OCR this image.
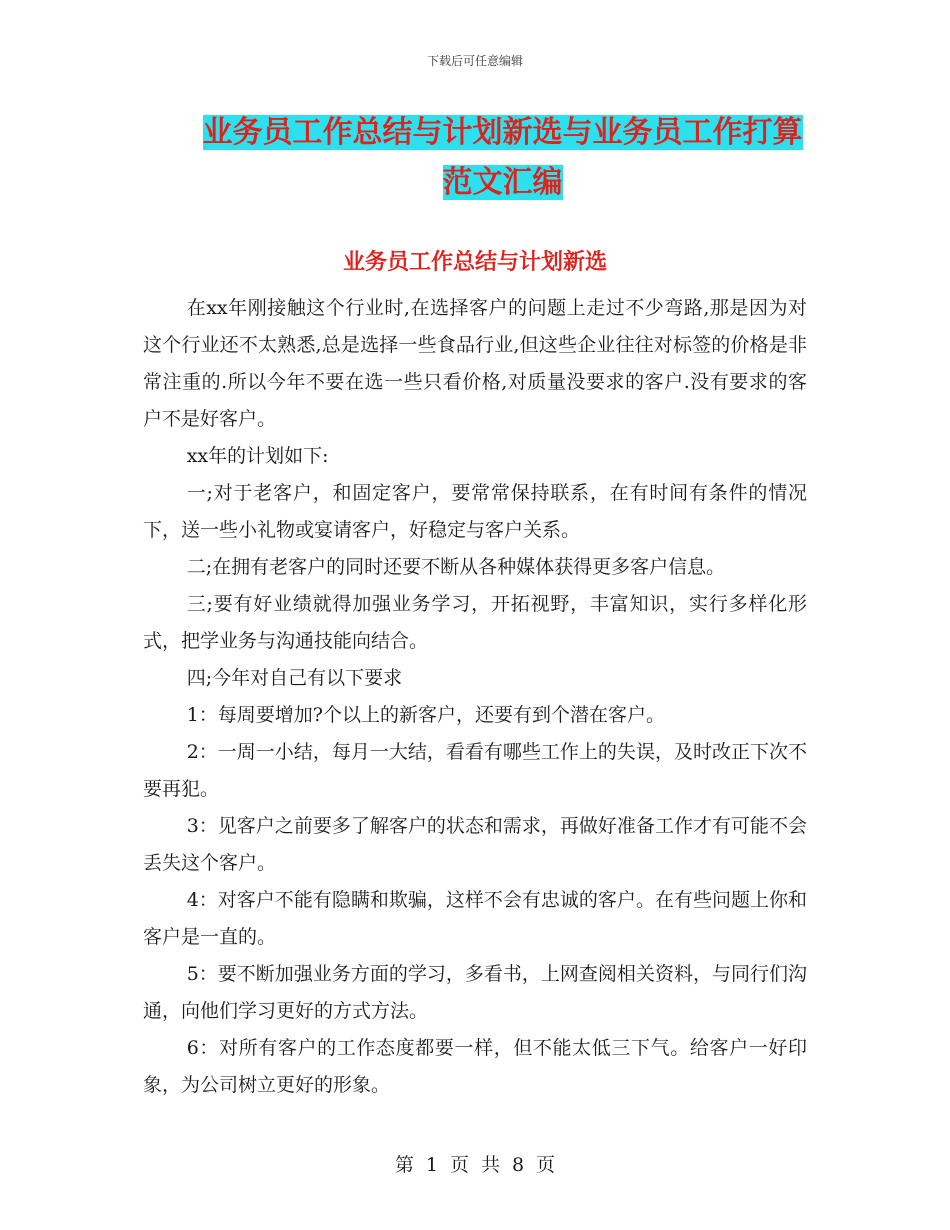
下载后可任意编辑
业务员工作总结与计划新选与业务员工作打算范文汇编
业务员工作总结与计划新选

在xx年刚接触这个行业时,在选择客户的问题上走过不少弯路,那是因为对这个行业还不太熟悉,总是选择一些食品行业,但这些企业往往对标签的价格是非常注重的.所以今年不要在选一些只看价格,对质量没要求的客户.没有要求的客户不是好客户。

xx年的计划如下:

一;对于老客户，和固定客户，要常常保持联系，在有时间有条件的情况下，送一些小礼物或宴请客户，好稳定与客户关系。

二;在拥有老客户的同时还要不断从各种媒体获得更多客户信息。

三;要有好业绩就得加强业务学习，开拓视野，丰富知识，实行多样化形式，把学业务与沟通技能向结合。

四;今年对自己有以下要求

1：每周要增加?个以上的新客户，还要有到个潜在客户。

2：一周一小结，每月一大结，看看有哪些工作上的失误，及时改正下次不要再犯。

3：见客户之前要多了解客户的状态和需求，再做好准备工作才有可能不会丢失这个客户。

4：对客户不能有隐瞒和欺骗，这样不会有忠诚的客户。在有些问题上你和客户是一直的。

5：要不断加强业务方面的学习，多看书，上网查阅相关资料，与同行们沟通，向他们学习更好的方式方法。

6：对所有客户的工作态度都要一样，但不能太低三下气。给客户一好印象，为公司树立更好的形象。

第 1 页 共 8 页
